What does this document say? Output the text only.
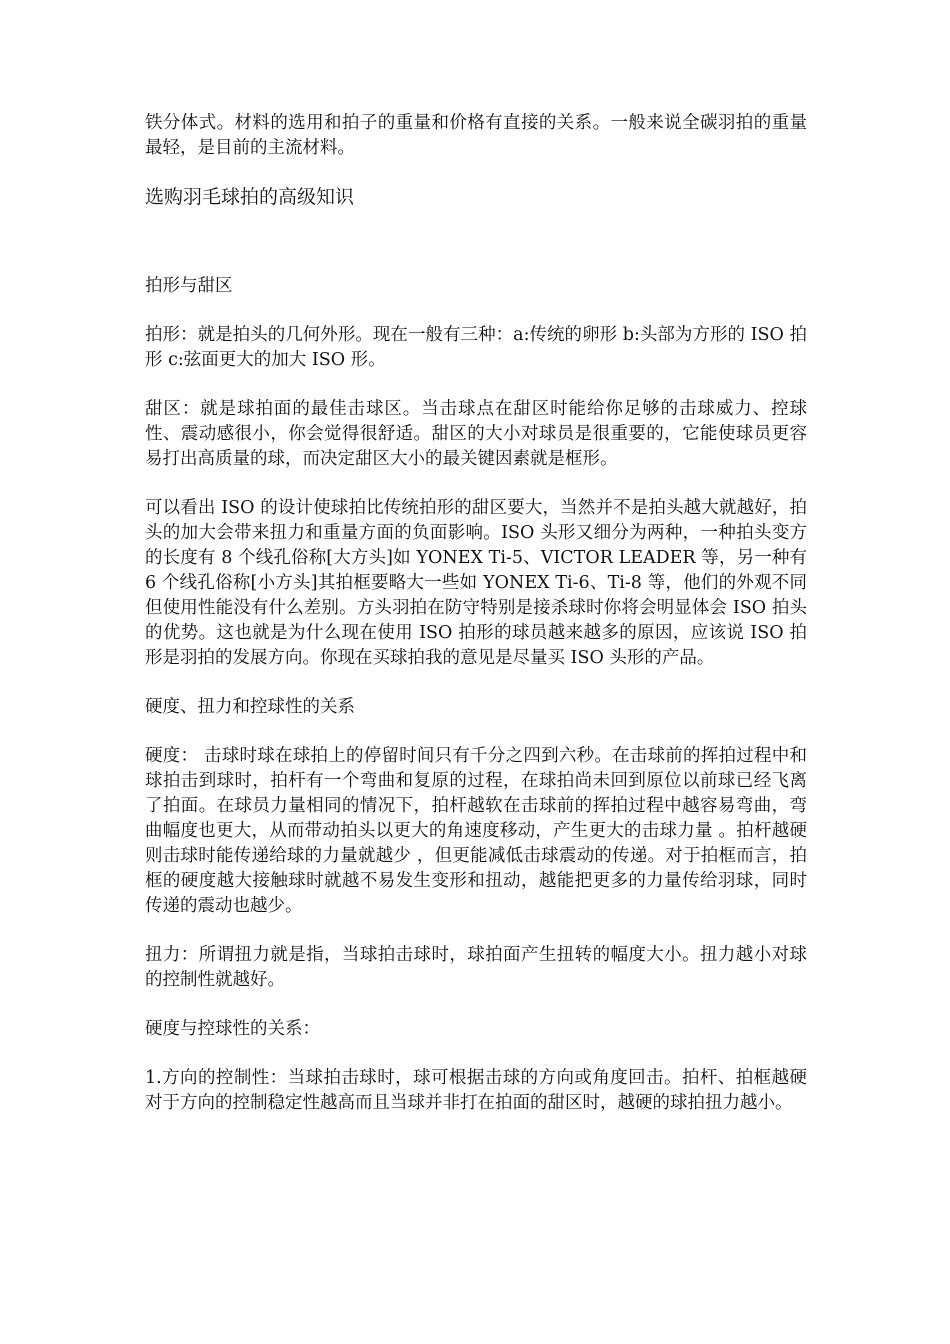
铁分体式。材料的选用和拍子的重量和价格有直接的关系。一般来说全碳羽拍的重量最轻，是目前的主流材料。

选购羽毛球拍的高级知识

拍形与甜区

拍形：就是拍头的几何外形。现在一般有三种：a:传统的卵形 b:头部为方形的 ISO 拍形 c:弦面更大的加大 ISO 形。

甜区：就是球拍面的最佳击球区。当击球点在甜区时能给你足够的击球威力、控球性、震动感很小，你会觉得很舒适。甜区的大小对球员是很重要的，它能使球员更容易打出高质量的球，而决定甜区大小的最关键因素就是框形。

可以看出 ISO 的设计使球拍比传统拍形的甜区要大，当然并不是拍头越大就越好，拍头的加大会带来扭力和重量方面的负面影响。ISO 头形又细分为两种，一种拍头变方的长度有 8 个线孔俗称[大方头]如 YONEX Ti-5、VICTOR LEADER 等，另一种有 6 个线孔俗称[小方头]其拍框要略大一些如 YONEX Ti-6、Ti-8 等，他们的外观不同但使用性能没有什么差别。方头羽拍在防守特别是接杀球时你将会明显体会 ISO 拍头的优势。这也就是为什么现在使用 ISO 拍形的球员越来越多的原因，应该说 ISO 拍形是羽拍的发展方向。你现在买球拍我的意见是尽量买 ISO 头形的产品。

硬度、扭力和控球性的关系

硬度： 击球时球在球拍上的停留时间只有千分之四到六秒。在击球前的挥拍过程中和球拍击到球时，拍杆有一个弯曲和复原的过程，在球拍尚未回到原位以前球已经飞离了拍面。在球员力量相同的情况下，拍杆越软在击球前的挥拍过程中越容易弯曲，弯曲幅度也更大，从而带动拍头以更大的角速度移动，产生更大的击球力量 。拍杆越硬则击球时能传递给球的力量就越少 ，但更能减低击球震动的传递。对于拍框而言，拍框的硬度越大接触球时就越不易发生变形和扭动，越能把更多的力量传给羽球，同时传递的震动也越少。

扭力：所谓扭力就是指，当球拍击球时，球拍面产生扭转的幅度大小。扭力越小对球的控制性就越好。

硬度与控球性的关系：

1.方向的控制性：当球拍击球时，球可根据击球的方向或角度回击。拍杆、拍框越硬对于方向的控制稳定性越高而且当球并非打在拍面的甜区时，越硬的球拍扭力越小。
